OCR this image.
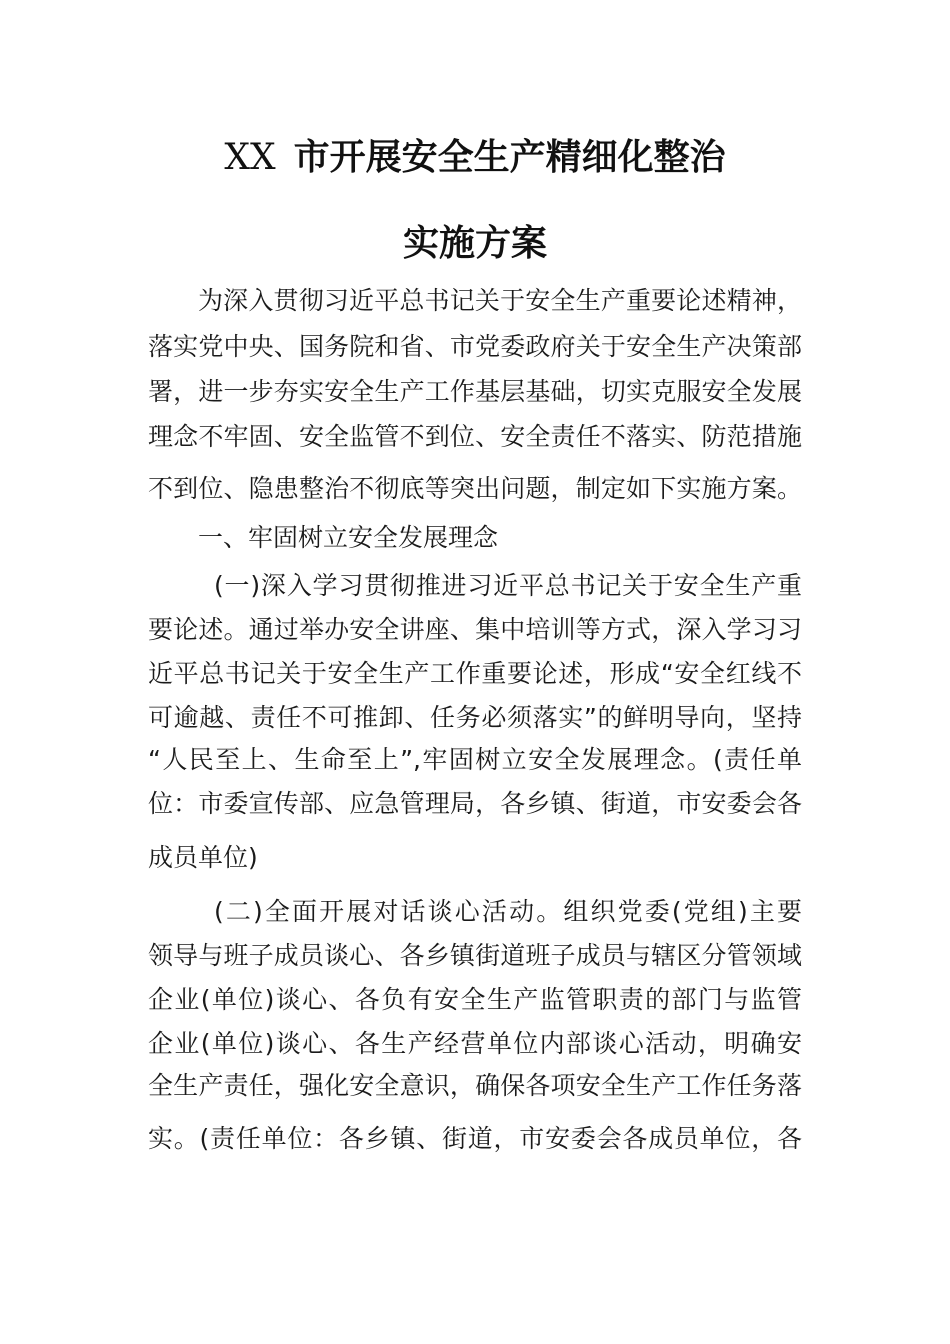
XX 市开展安全生产精细化整治
实施方案
为深入贯彻习近平总书记关于安全生产重要论述精神，
落实党中央、国务院和省、市党委政府关于安全生产决策部
署，进一步夯实安全生产工作基层基础，切实克服安全发展
理念不牢固、安全监管不到位、安全责任不落实、防范措施
不到位、隐患整治不彻底等突出问题，制定如下实施方案。
一、牢固树立安全发展理念
(一)深入学习贯彻推进习近平总书记关于安全生产重
要论述。通过举办安全讲座、集中培训等方式，深入学习习
近平总书记关于安全生产工作重要论述，形成“安全红线不
可逾越、责任不可推卸、任务必须落实”的鲜明导向，坚持
“人民至上、生命至上”,牢固树立安全发展理念。(责任单
位：市委宣传部、应急管理局，各乡镇、街道，市安委会各
成员单位)
(二)全面开展对话谈心活动。组织党委(党组)主要
领导与班子成员谈心、各乡镇街道班子成员与辖区分管领域
企业(单位)谈心、各负有安全生产监管职责的部门与监管
企业(单位)谈心、各生产经营单位内部谈心活动，明确安
全生产责任，强化安全意识，确保各项安全生产工作任务落
实。(责任单位：各乡镇、街道，市安委会各成员单位，各
